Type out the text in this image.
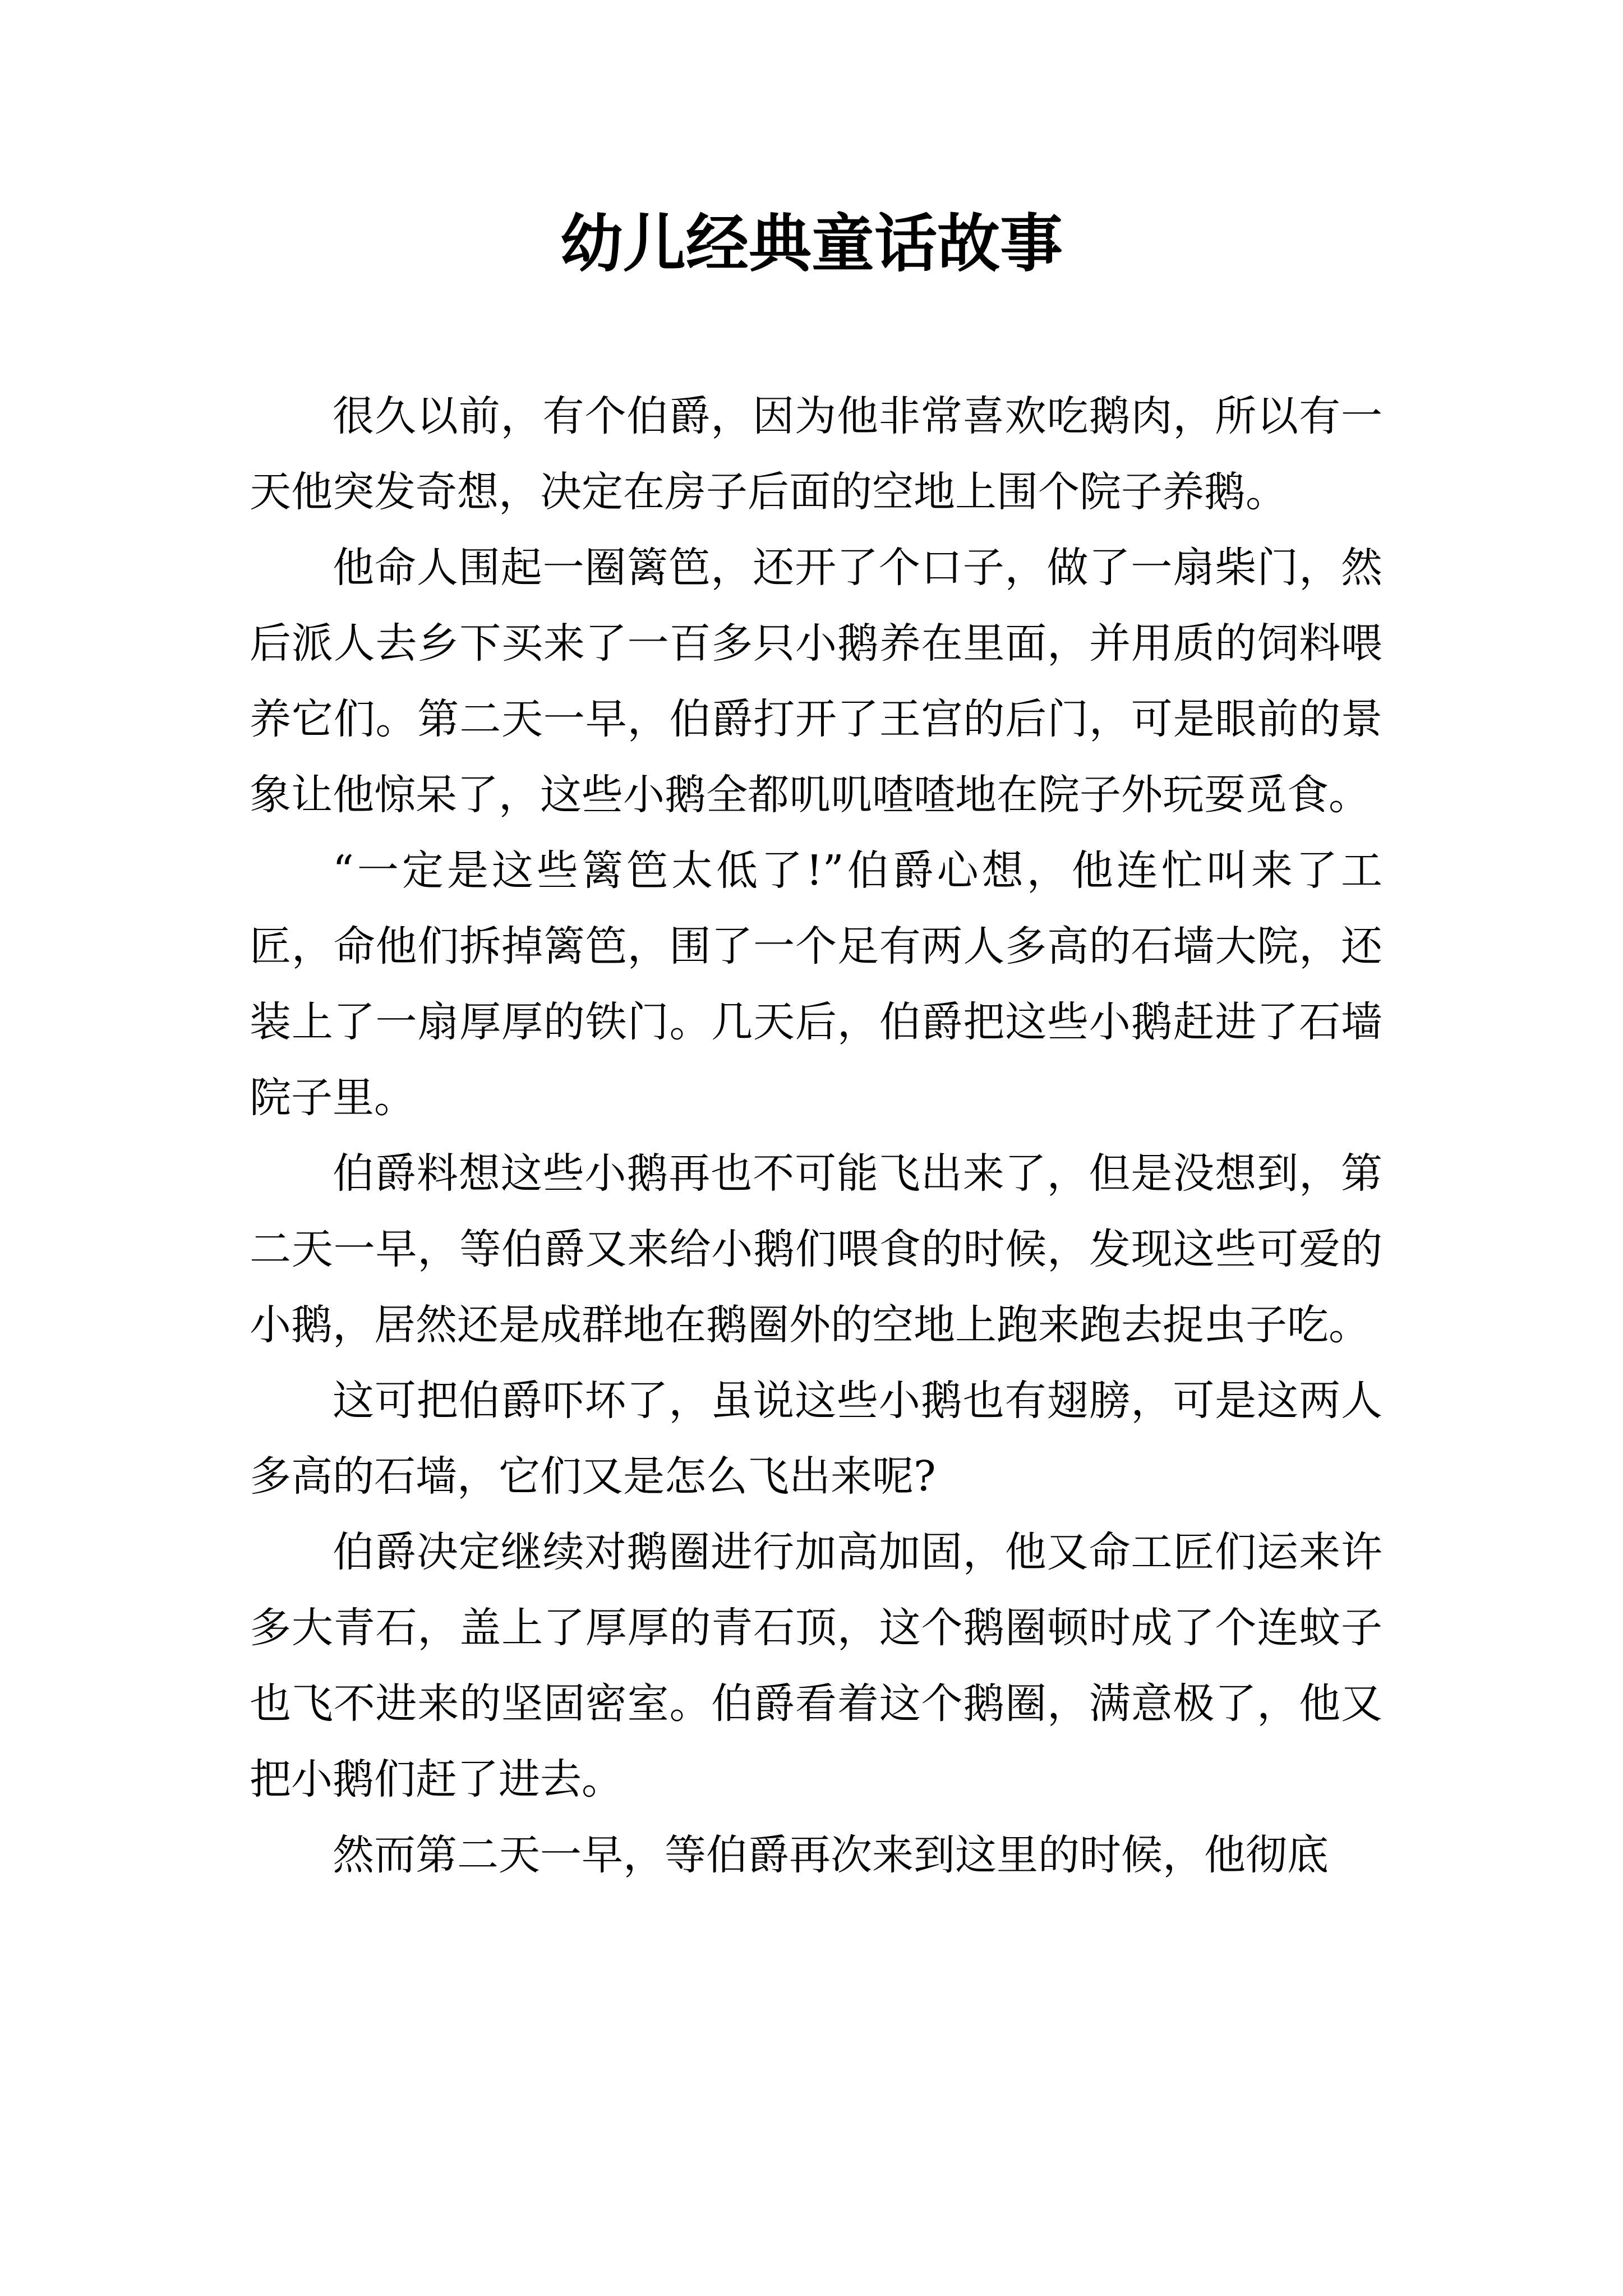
幼儿经典童话故事

很久以前，有个伯爵，因为他非常喜欢吃鹅肉，所以有一天他突发奇想，决定在房子后面的空地上围个院子养鹅。

他命人围起一圈篱笆，还开了个口子，做了一扇柴门，然后派人去乡下买来了一百多只小鹅养在里面，并用质的饲料喂养它们。第二天一早，伯爵打开了王宫的后门，可是眼前的景象让他惊呆了，这些小鹅全都叽叽喳喳地在院子外玩耍觅食。

“一定是这些篱笆太低了!”伯爵心想，他连忙叫来了工匠，命他们拆掉篱笆，围了一个足有两人多高的石墙大院，还装上了一扇厚厚的铁门。几天后，伯爵把这些小鹅赶进了石墙院子里。

伯爵料想这些小鹅再也不可能飞出来了，但是没想到，第二天一早，等伯爵又来给小鹅们喂食的时候，发现这些可爱的小鹅，居然还是成群地在鹅圈外的空地上跑来跑去捉虫子吃。

这可把伯爵吓坏了，虽说这些小鹅也有翅膀，可是这两人多高的石墙，它们又是怎么飞出来呢?

伯爵决定继续对鹅圈进行加高加固，他又命工匠们运来许多大青石，盖上了厚厚的青石顶，这个鹅圈顿时成了个连蚊子也飞不进来的坚固密室。伯爵看着这个鹅圈，满意极了，他又把小鹅们赶了进去。

然而第二天一早，等伯爵再次来到这里的时候，他彻底
